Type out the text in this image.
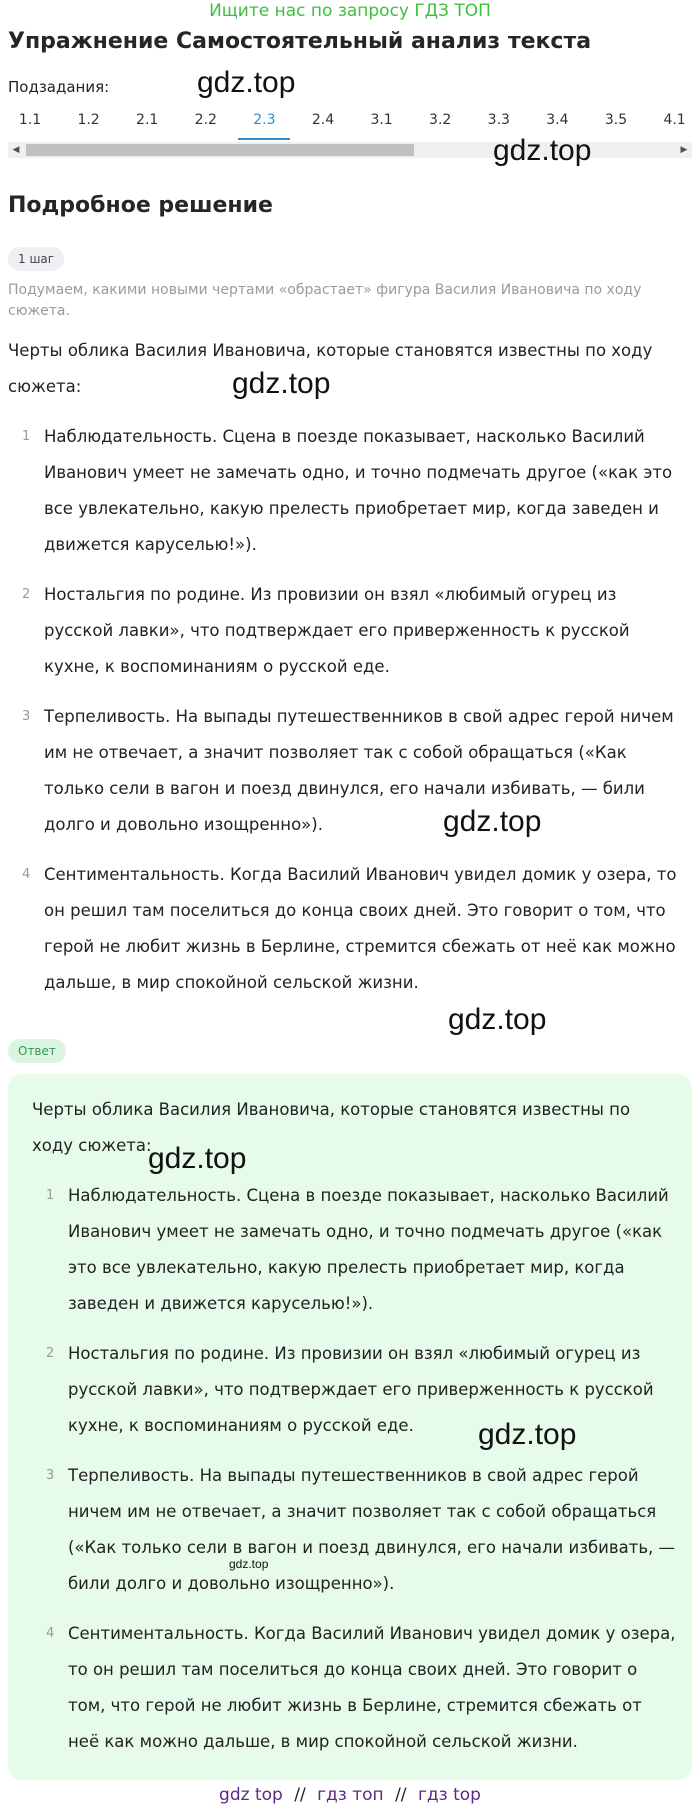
Ищите нас по запросу ГДЗ ТОП
Упражнение Самостоятельный анализ текста
Подзадания:
1.1	1.2	2.1	2.2	2.3	2.4	3.1	3.2	3.3	3.4	3.5	4.1
◀	▶
Подробное решение
1 шаг
Подумаем, какими новыми чертами «обрастает» фигура Василия Ивановича по ходу сюжета.
Черты облика Василия Ивановича, которые становятся известны по ходу сюжета:
1 Наблюдательность. Сцена в поезде показывает, насколько Василий Иванович умеет не замечать одно, и точно подмечать другое («как это все увлекательно, какую прелесть приобретает мир, когда заведен и движется каруселью!»).
2 Ностальгия по родине. Из провизии он взял «любимый огурец из русской лавки», что подтверждает его приверженность к русской кухне, к воспоминаниям о русской еде.
3 Терпеливость. На выпады путешественников в свой адрес герой ничем им не отвечает, а значит позволяет так с собой обращаться («Как только сели в вагон и поезд двинулся, его начали избивать, — били долго и довольно изощренно»).
4 Сентиментальность. Когда Василий Иванович увидел домик у озера, то он решил там поселиться до конца своих дней. Это говорит о том, что герой не любит жизнь в Берлине, стремится сбежать от неё как можно дальше, в мир спокойной сельской жизни.
Ответ
Черты облика Василия Ивановича, которые становятся известны по ходу сюжета:
1 Наблюдательность. Сцена в поезде показывает, насколько Василий Иванович умеет не замечать одно, и точно подмечать другое («как это все увлекательно, какую прелесть приобретает мир, когда заведен и движется каруселью!»).
2 Ностальгия по родине. Из провизии он взял «любимый огурец из русской лавки», что подтверждает его приверженность к русской кухне, к воспоминаниям о русской еде.
3 Терпеливость. На выпады путешественников в свой адрес герой ничем им не отвечает, а значит позволяет так с собой обращаться («Как только сели в вагон и поезд двинулся, его начали избивать, — били долго и довольно изощренно»).
4 Сентиментальность. Когда Василий Иванович увидел домик у озера, то он решил там поселиться до конца своих дней. Это говорит о том, что герой не любит жизнь в Берлине, стремится сбежать от неё как можно дальше, в мир спокойной сельской жизни.
gdz.top
gdz.top
gdz.top
gdz.top
gdz.top
gdz.top
gdz.top
gdz.top
gdz top // гдз топ // гдз top
